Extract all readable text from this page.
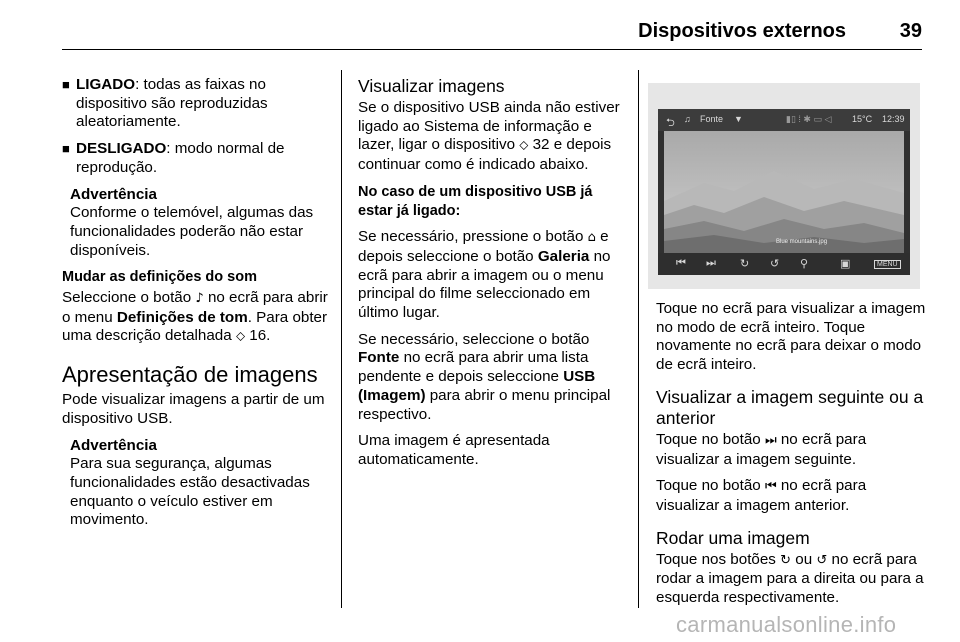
Dispositivos externos	39
■ LIGADO: todas as faixas no dispositivo são reproduzidas aleatoriamente.
■ DESLIGADO: modo normal de reprodução.
Advertência
Conforme o telemóvel, algumas das funcionalidades poderão não estar disponíveis.
Mudar as definições do som
Seleccione o botão ♪ no ecrã para abrir o menu Definições de tom. Para obter uma descrição detalhada ⬦ 16.
Apresentação de imagens
Pode visualizar imagens a partir de um dispositivo USB.
Advertência
Para sua segurança, algumas funcionalidades estão desactivadas enquanto o veículo estiver em movimento.
Visualizar imagens
Se o dispositivo USB ainda não estiver ligado ao Sistema de informação e lazer, ligar o dispositivo ⬦ 32 e depois continuar como é indicado abaixo.
No caso de um dispositivo USB já estar já ligado:
Se necessário, pressione o botão ⌂ e depois seleccione o botão Galeria no ecrã para abrir a imagem ou o menu principal do filme seleccionado em último lugar.
Se necessário, seleccione o botão Fonte no ecrã para abrir uma lista pendente e depois seleccione USB (Imagem) para abrir o menu principal respectivo.
Uma imagem é apresentada automaticamente.
⮌ ♫ Fonte ▼	▮▯ ⁞ ✱ ▭ ◁ 15°C 12:39
Blue mountains.jpg
⏮ ⏭ ↻ ↺ ⚲	▣	MENU
Toque no ecrã para visualizar a imagem no modo de ecrã inteiro. Toque novamente no ecrã para deixar o modo de ecrã inteiro.
Visualizar a imagem seguinte ou a anterior
Toque no botão ⏭ no ecrã para visualizar a imagem seguinte.
Toque no botão ⏮ no ecrã para visualizar a imagem anterior.
Rodar uma imagem
Toque nos botões ↻ ou ↺ no ecrã para rodar a imagem para a direita ou para a esquerda respectivamente.
carmanualsonline.info
